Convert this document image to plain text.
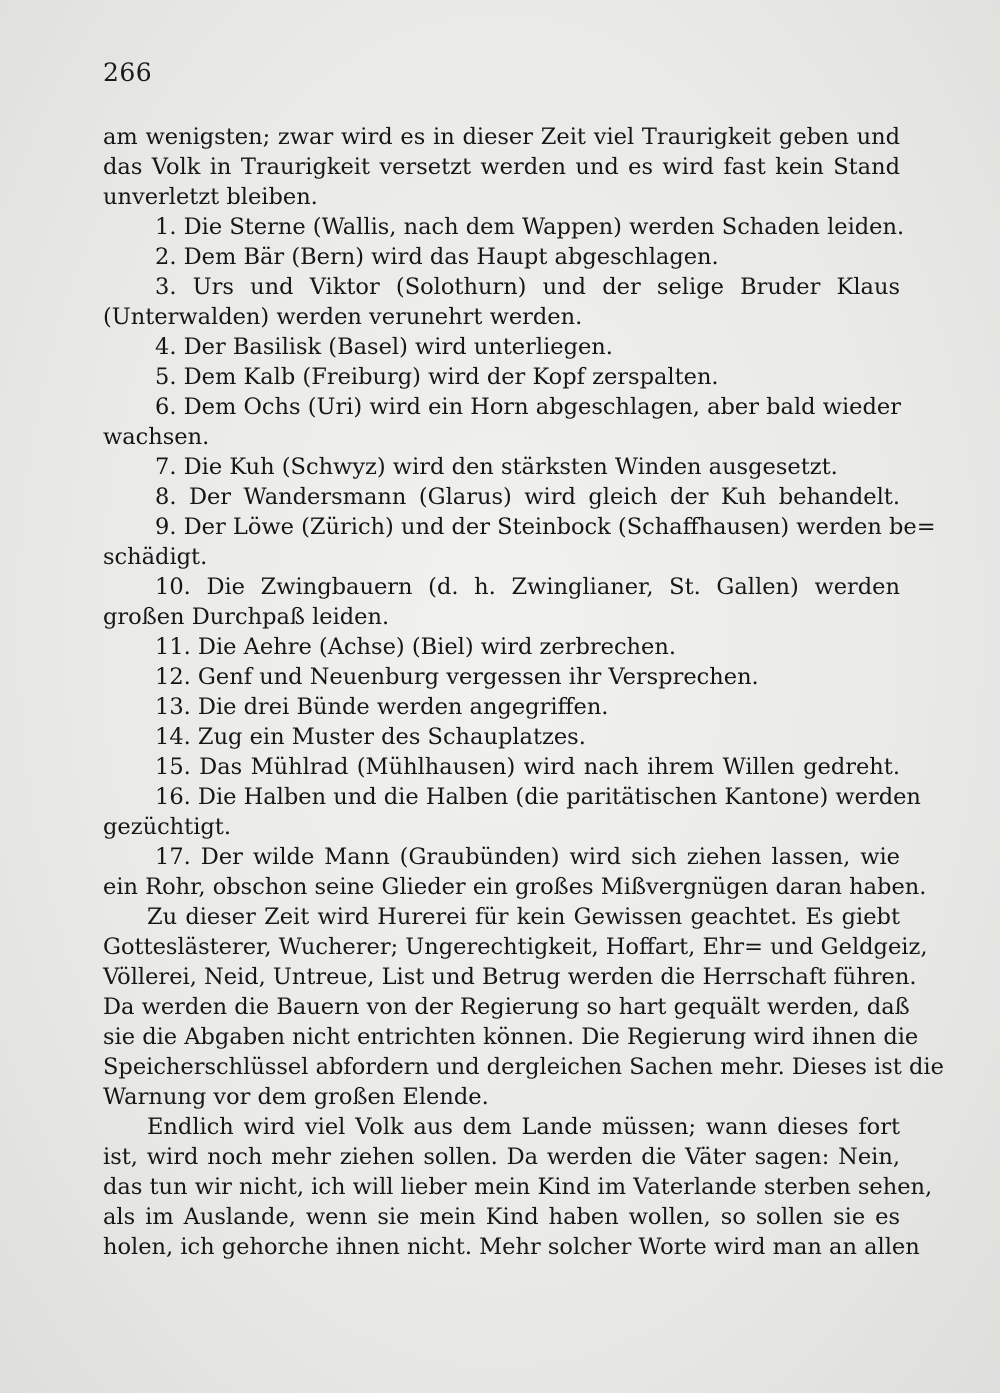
266
am wenigsten; zwar wird es in dieser Zeit viel Traurigkeit geben und
das Volk in Traurigkeit versetzt werden und es wird fast kein Stand
unverletzt bleiben.
1. Die Sterne (Wallis, nach dem Wappen) werden Schaden leiden.
2. Dem Bär (Bern) wird das Haupt abgeschlagen.
3. Urs und Viktor (Solothurn) und der selige Bruder Klaus
(Unterwalden) werden verunehrt werden.
4. Der Basilisk (Basel) wird unterliegen.
5. Dem Kalb (Freiburg) wird der Kopf zerspalten.
6. Dem Ochs (Uri) wird ein Horn abgeschlagen, aber bald wieder
wachsen.
7. Die Kuh (Schwyz) wird den stärksten Winden ausgesetzt.
8. Der Wandersmann (Glarus) wird gleich der Kuh behandelt.
9. Der Löwe (Zürich) und der Steinbock (Schaffhausen) werden be=
schädigt.
10. Die Zwingbauern (d. h. Zwinglianer, St. Gallen) werden
großen Durchpaß leiden.
11. Die Aehre (Achse) (Biel) wird zerbrechen.
12. Genf und Neuenburg vergessen ihr Versprechen.
13. Die drei Bünde werden angegriffen.
14. Zug ein Muster des Schauplatzes.
15. Das Mühlrad (Mühlhausen) wird nach ihrem Willen gedreht.
16. Die Halben und die Halben (die paritätischen Kantone) werden
gezüchtigt.
17. Der wilde Mann (Graubünden) wird sich ziehen lassen, wie
ein Rohr, obschon seine Glieder ein großes Mißvergnügen daran haben.
Zu dieser Zeit wird Hurerei für kein Gewissen geachtet. Es giebt
Gotteslästerer, Wucherer; Ungerechtigkeit, Hoffart, Ehr= und Geldgeiz,
Völlerei, Neid, Untreue, List und Betrug werden die Herrschaft führen.
Da werden die Bauern von der Regierung so hart gequält werden, daß
sie die Abgaben nicht entrichten können. Die Regierung wird ihnen die
Speicherschlüssel abfordern und dergleichen Sachen mehr. Dieses ist die
Warnung vor dem großen Elende.
Endlich wird viel Volk aus dem Lande müssen; wann dieses fort
ist, wird noch mehr ziehen sollen. Da werden die Väter sagen: Nein,
das tun wir nicht, ich will lieber mein Kind im Vaterlande sterben sehen,
als im Auslande, wenn sie mein Kind haben wollen, so sollen sie es
holen, ich gehorche ihnen nicht. Mehr solcher Worte wird man an allen
